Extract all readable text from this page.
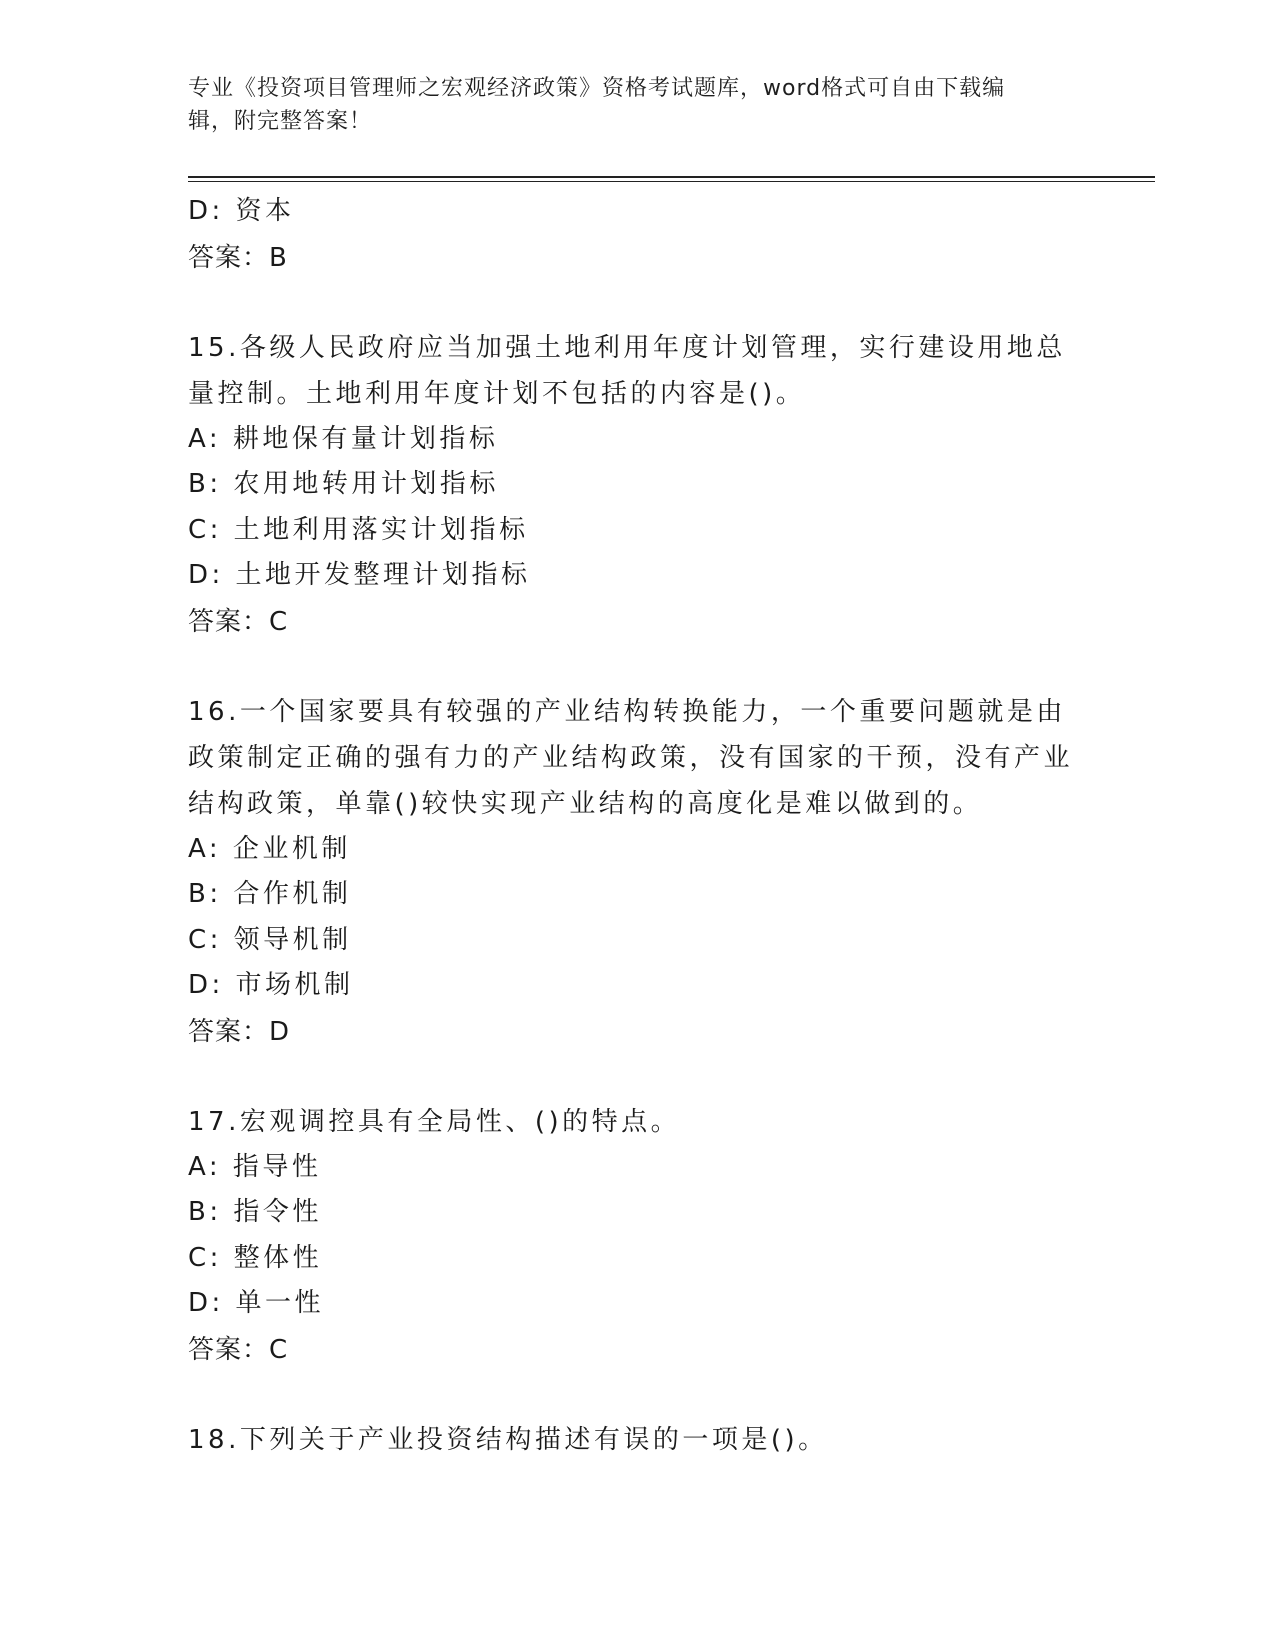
专业《投资项目管理师之宏观经济政策》资格考试题库，word格式可自由下载编
辑，附完整答案！
D: 资本
答案：B
15.各级人民政府应当加强土地利用年度计划管理，实行建设用地总量控制。土地利用年度计划不包括的内容是()。
A: 耕地保有量计划指标
B: 农用地转用计划指标
C: 土地利用落实计划指标
D: 土地开发整理计划指标
答案：C
16.一个国家要具有较强的产业结构转换能力，一个重要问题就是由政策制定正确的强有力的产业结构政策，没有国家的干预，没有产业结构政策，单靠()较快实现产业结构的高度化是难以做到的。
A: 企业机制
B: 合作机制
C: 领导机制
D: 市场机制
答案：D
17.宏观调控具有全局性、()的特点。
A: 指导性
B: 指令性
C: 整体性
D: 单一性
答案：C
18.下列关于产业投资结构描述有误的一项是()。
